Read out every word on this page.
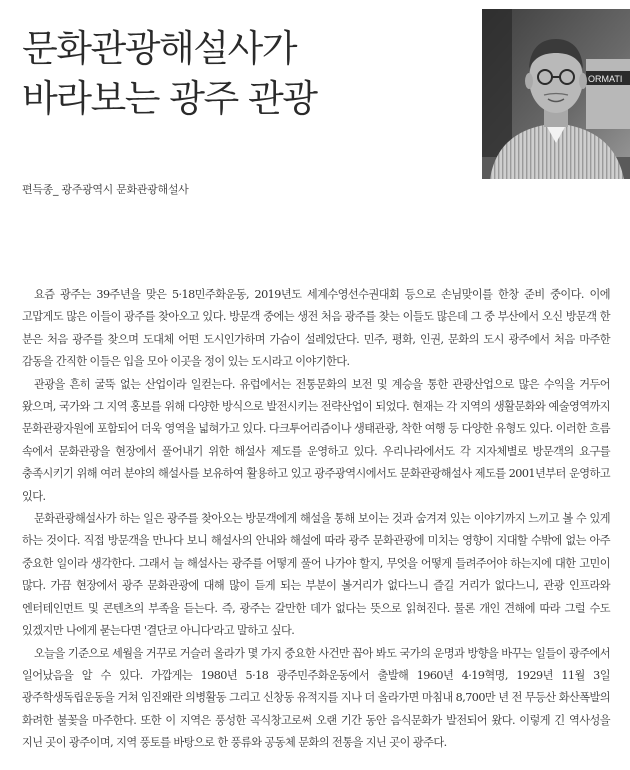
문화관광해설사가
바라보는 광주 관광	ORMATI
편득종_ 광주광역시 문화관광해설사

요즘 광주는 39주년을 맞은 5·18민주화운동, 2019년도 세계수영선수권대회 등으로 손님맞이를 한창 준비 중이다. 이에 고맙게도 많은 이들이 광주를 찾아오고 있다. 방문객 중에는 생전 처음 광주를 찾는 이들도 많은데 그 중 부산에서 오신 방문객 한 분은 처음 광주를 찾으며 도대체 어떤 도시인가하며 가슴이 설레었단다. 민주, 평화, 인권, 문화의 도시 광주에서 처음 마주한 감동을 간직한 이들은 입을 모아 이곳을 정이 있는 도시라고 이야기한다.

관광을 흔히 굴뚝 없는 산업이라 일컫는다. 유럽에서는 전통문화의 보전 및 계승을 통한 관광산업으로 많은 수익을 거두어 왔으며, 국가와 그 지역 홍보를 위해 다양한 방식으로 발전시키는 전략산업이 되었다. 현재는 각 지역의 생활문화와 예술영역까지 문화관광자원에 포함되어 더욱 영역을 넓혀가고 있다. 다크투어리즘이나 생태관광, 착한 여행 등 다양한 유형도 있다. 이러한 흐름 속에서 문화관광을 현장에서 풀어내기 위한 해설사 제도를 운영하고 있다. 우리나라에서도 각 지자체별로 방문객의 요구를 충족시키기 위해 여러 분야의 해설사를 보유하여 활용하고 있고 광주광역시에서도 문화관광해설사 제도를 2001년부터 운영하고 있다.

문화관광해설사가 하는 일은 광주를 찾아오는 방문객에게 해설을 통해 보이는 것과 숨겨져 있는 이야기까지 느끼고 볼 수 있게 하는 것이다. 직접 방문객을 만나다 보니 해설사의 안내와 해설에 따라 광주 문화관광에 미치는 영향이 지대할 수밖에 없는 아주 중요한 일이라 생각한다. 그래서 늘 해설사는 광주를 어떻게 풀어 나가야 할지, 무엇을 어떻게 들려주어야 하는지에 대한 고민이 많다. 가끔 현장에서 광주 문화관광에 대해 많이 듣게 되는 부분이 볼거리가 없다느니 즐길 거리가 없다느니, 관광 인프라와 엔터테인먼트 및 콘텐츠의 부족을 듣는다. 즉, 광주는 갈만한 데가 없다는 뜻으로 읽혀진다. 물론 개인 견해에 따라 그럴 수도 있겠지만 나에게 묻는다면 '결단코 아니다'라고 말하고 싶다.

오늘을 기준으로 세월을 거꾸로 거슬러 올라가 몇 가지 중요한 사건만 꼽아 봐도 국가의 운명과 방향을 바꾸는 일들이 광주에서 일어났음을 알 수 있다. 가깝게는 1980년 5·18 광주민주화운동에서 출발해 1960년 4·19혁명, 1929년 11월 3일 광주학생독립운동을 거쳐 임진왜란 의병활동 그리고 신창동 유적지를 지나 더 올라가면 마침내 8,700만 년 전 무등산 화산폭발의 화려한 불꽃을 마주한다. 또한 이 지역은 풍성한 곡식창고로써 오랜 기간 동안 음식문화가 발전되어 왔다. 이렇게 긴 역사성을 지닌 곳이 광주이며, 지역 풍토를 바탕으로 한 풍류와 공동체 문화의 전통을 지닌 곳이 광주다.
